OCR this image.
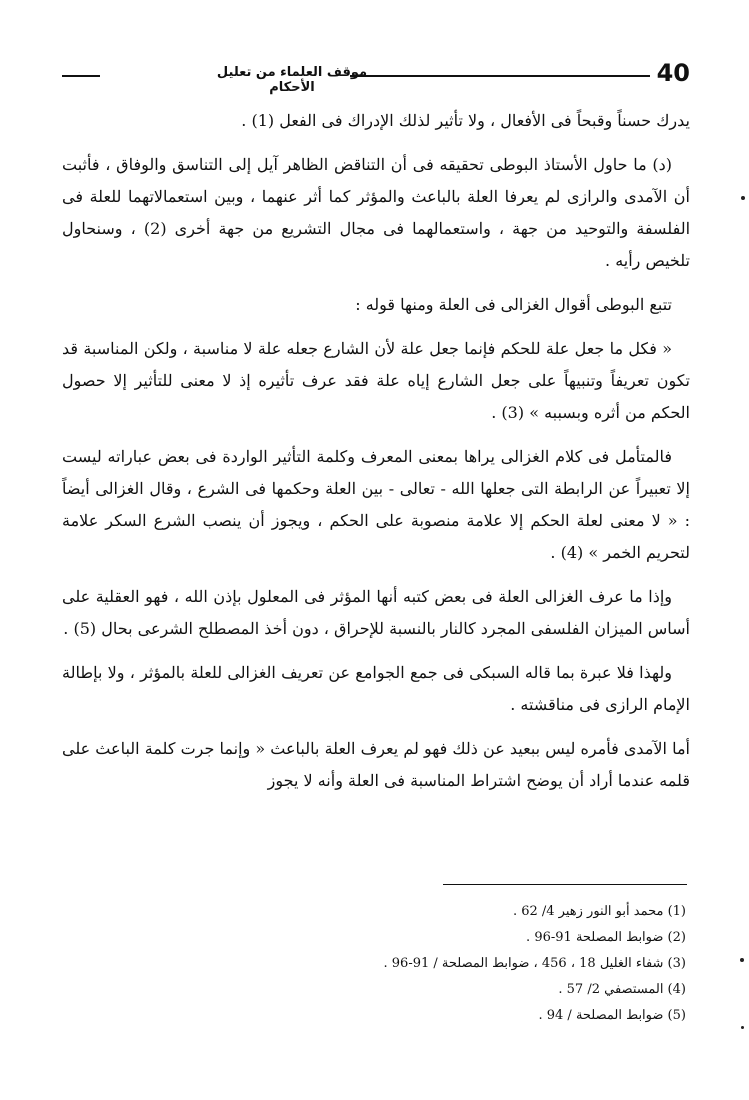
40
موقف العلماء من تعليل الأحكام

يدرك حسناً وقبحاً فى الأفعال ، ولا تأثير لذلك الإدراك فى الفعل (1) .

(د) ما حاول الأستاذ البوطى تحقيقه فى أن التناقض الظاهر آيل إلى التناسق والوفاق ، فأثبت أن الآمدى والرازى لم يعرفا العلة بالباعث والمؤثر كما أثر عنهما ، وبين استعمالاتهما للعلة فى الفلسفة والتوحيد من جهة ، واستعمالهما فى مجال التشريع من جهة أخرى (2) ، وسنحاول تلخيص رأيه .

تتبع البوطى أقوال الغزالى فى العلة ومنها قوله :

« فكل ما جعل علة للحكم فإنما جعل علة لأن الشارع جعله علة لا مناسبة ، ولكن المناسبة قد تكون تعريفاً وتنبيهاً على جعل الشارع إياه علة فقد عرف تأثيره إذ لا معنى للتأثير إلا حصول الحكم من أثره وبسببه » (3) .

فالمتأمل فى كلام الغزالى يراها بمعنى المعرف وكلمة التأثير الواردة فى بعض عباراته ليست إلا تعبيراً عن الرابطة التى جعلها الله - تعالى - بين العلة وحكمها فى الشرع ، وقال الغزالى أيضاً : « لا معنى لعلة الحكم إلا علامة منصوبة على الحكم ، ويجوز أن ينصب الشرع السكر علامة لتحريم الخمر » (4) .

وإذا ما عرف الغزالى العلة فى بعض كتبه أنها المؤثر فى المعلول بإذن الله ، فهو العقلية على أساس الميزان الفلسفى المجرد كالنار بالنسبة للإحراق ، دون أخذ المصطلح الشرعى بحال (5) .

ولهذا فلا عبرة بما قاله السبكى فى جمع الجوامع عن تعريف الغزالى للعلة بالمؤثر ، ولا بإطالة الإمام الرازى فى مناقشته .

أما الآمدى فأمره ليس ببعيد عن ذلك فهو لم يعرف العلة بالباعث « وإنما جرت كلمة الباعث على قلمه عندما أراد أن يوضح اشتراط المناسبة فى العلة وأنه لا يجوز

(1) محمد أبو النور زهير 4/ 62 .
(2) ضوابط المصلحة 91-96 .
(3) شفاء الغليل 18 ، 456 ، ضوابط المصلحة / 91-96 .
(4) المستصفي 2/ 57 .
(5) ضوابط المصلحة / 94 .
